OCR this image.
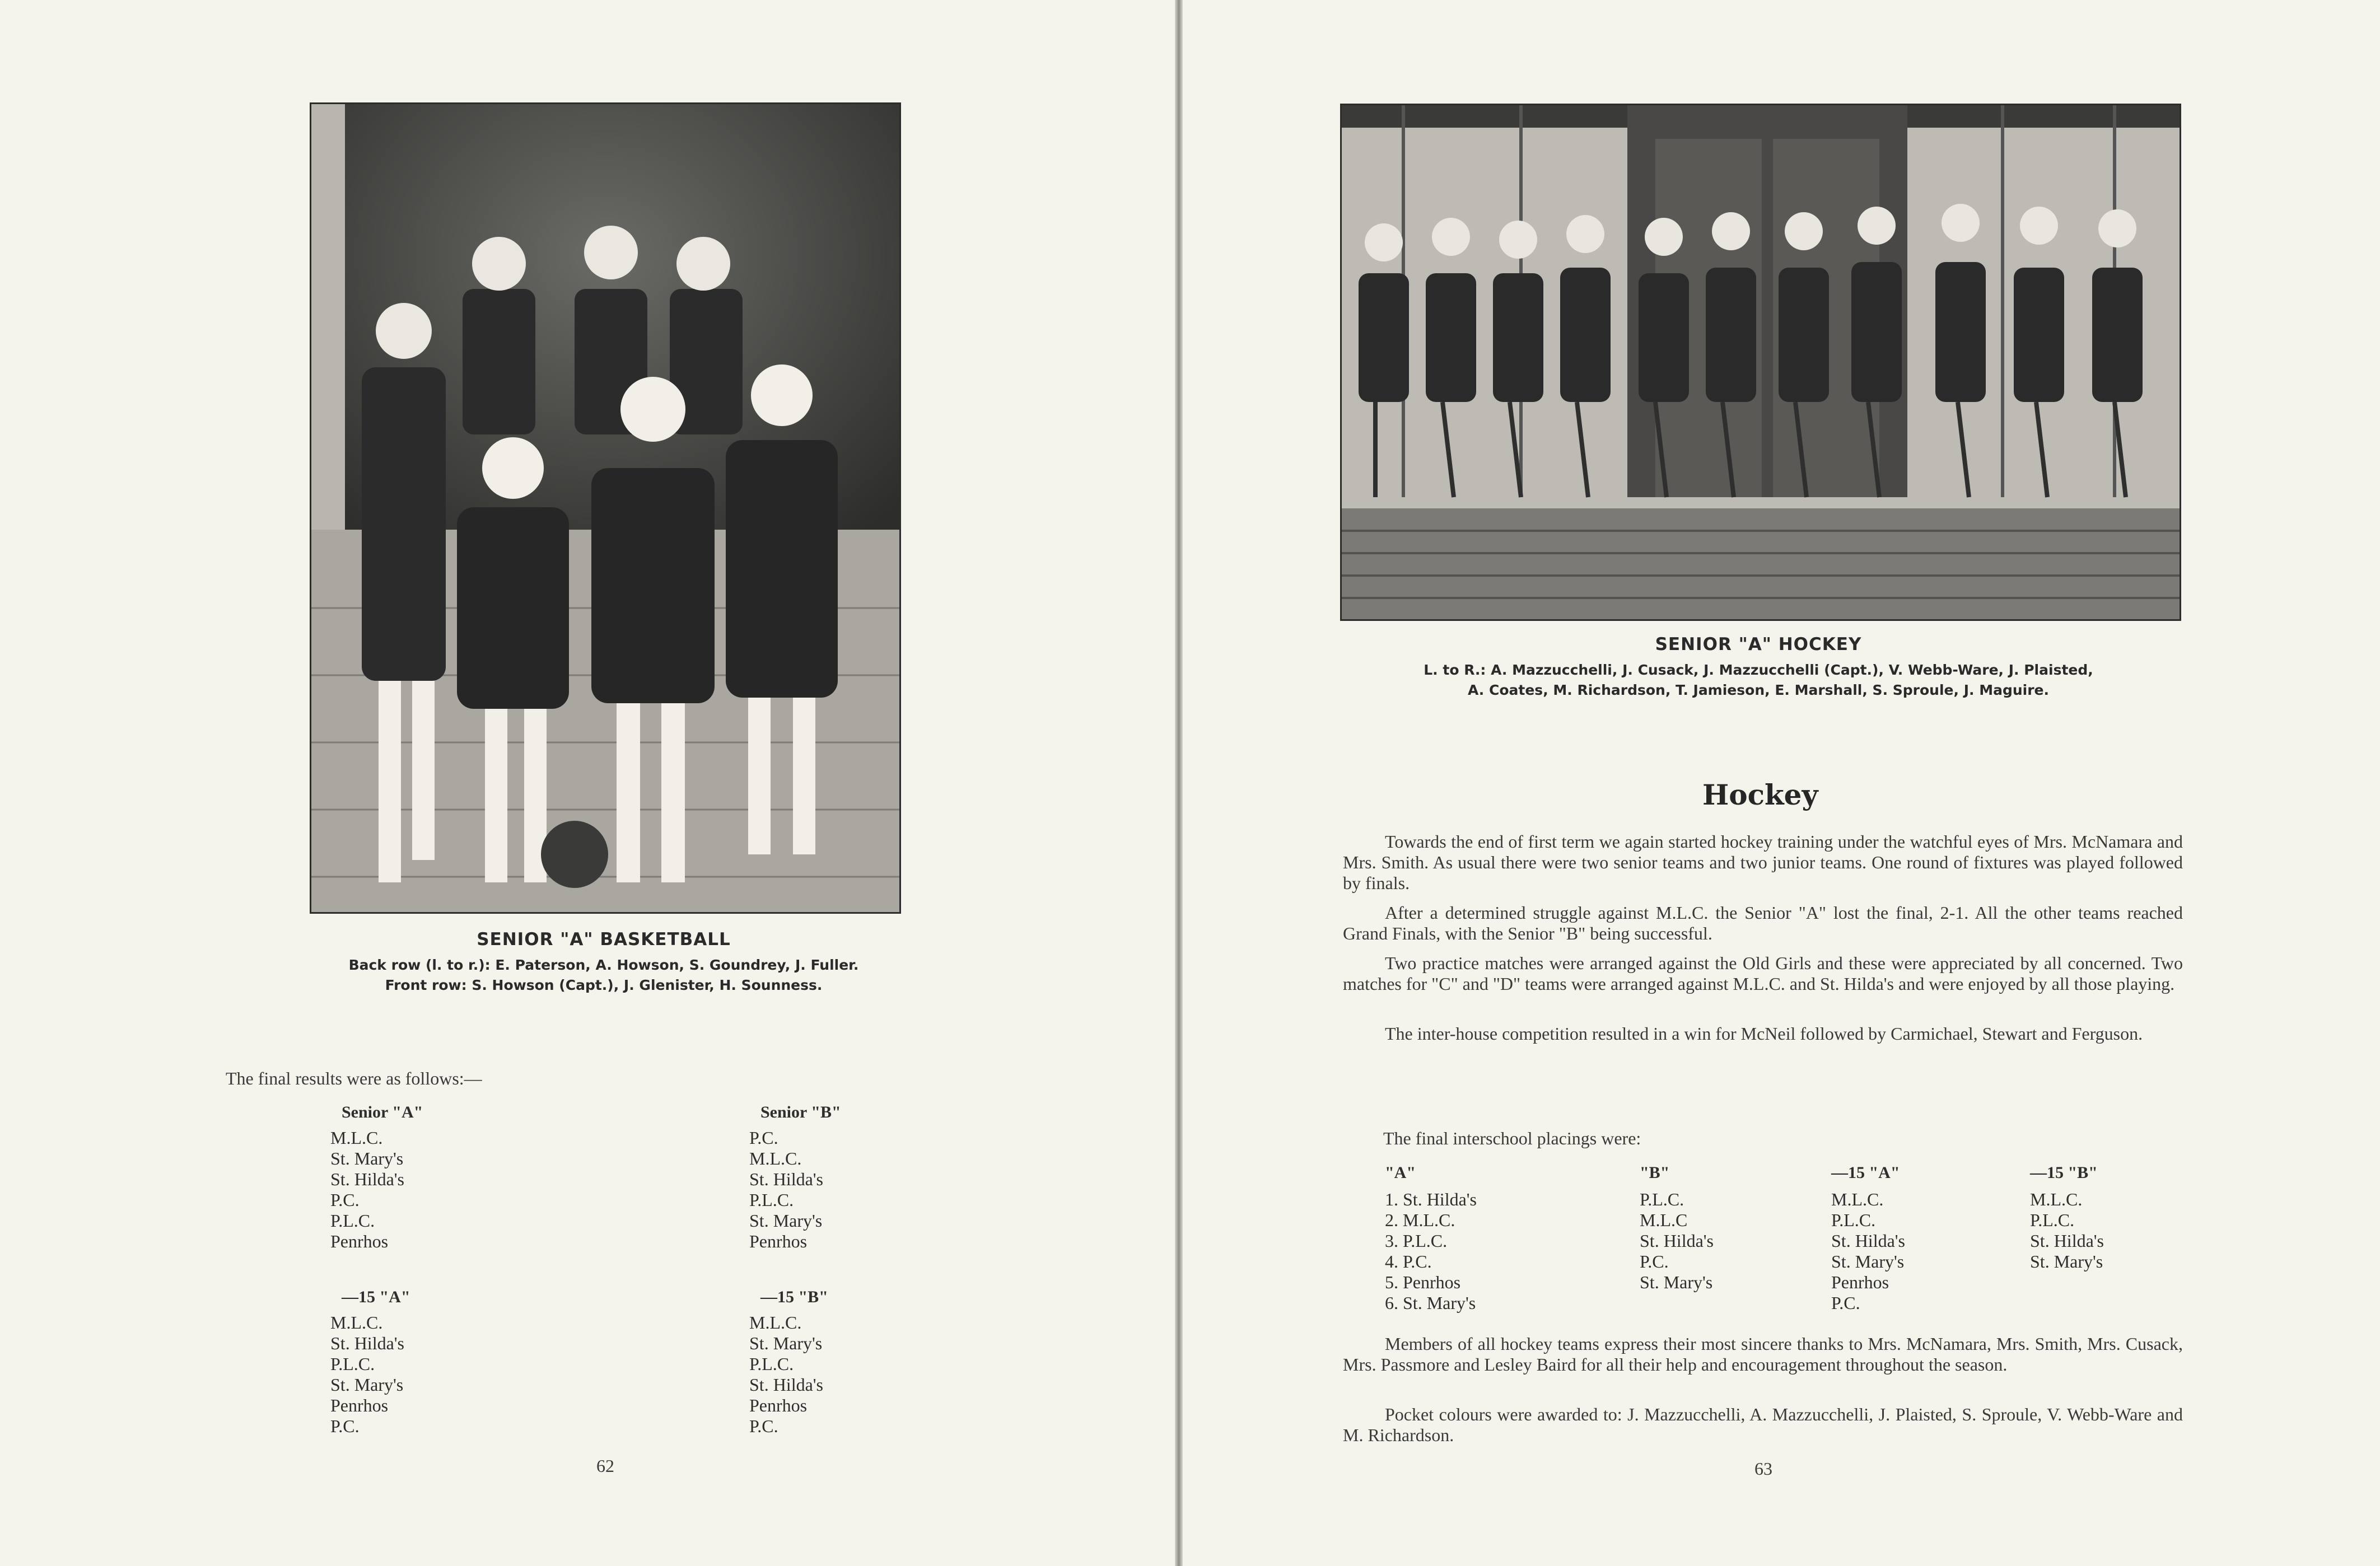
SENIOR "A" BASKETBALL
Back row (l. to r.): E. Paterson, A. Howson, S. Goundrey, J. Fuller.
Front row: S. Howson (Capt.), J. Glenister, H. Sounness.
The final results were as follows:—
Senior "A"
M.L.C.
St. Mary's
St. Hilda's
P.C.
P.L.C.
Penrhos
Senior "B"
P.C.
M.L.C.
St. Hilda's
P.L.C.
St. Mary's
Penrhos
—15 "A"
M.L.C.
St. Hilda's
P.L.C.
St. Mary's
Penrhos
P.C.
—15 "B"
M.L.C.
St. Mary's
P.L.C.
St. Hilda's
Penrhos
P.C.
62
SENIOR "A" HOCKEY
L. to R.: A. Mazzucchelli, J. Cusack, J. Mazzucchelli (Capt.), V. Webb-Ware, J. Plaisted,
A. Coates, M. Richardson, T. Jamieson, E. Marshall, S. Sproule, J. Maguire.
Hockey
Towards the end of first term we again started hockey training under the watchful eyes of Mrs. McNamara and Mrs. Smith. As usual there were two senior teams and two junior teams. One round of fixtures was played followed by finals.
After a determined struggle against M.L.C. the Senior "A" lost the final, 2-1. All the other teams reached Grand Finals, with the Senior "B" being successful.
Two practice matches were arranged against the Old Girls and these were appreciated by all concerned. Two matches for "C" and "D" teams were arranged against M.L.C. and St. Hilda's and were enjoyed by all those playing.
The inter-house competition resulted in a win for McNeil followed by Carmichael, Stewart and Ferguson.
The final interschool placings were:
"A"
1. St. Hilda's
2. M.L.C.
3. P.L.C.
4. P.C.
5. Penrhos
6. St. Mary's
"B"
P.L.C.
M.L.C
St. Hilda's
P.C.
St. Mary's
—15 "A"
M.L.C.
P.L.C.
St. Hilda's
St. Mary's
Penrhos
P.C.
—15 "B"
M.L.C.
P.L.C.
St. Hilda's
St. Mary's
Members of all hockey teams express their most sincere thanks to Mrs. McNamara, Mrs. Smith, Mrs. Cusack, Mrs. Passmore and Lesley Baird for all their help and encouragement throughout the season.
Pocket colours were awarded to: J. Mazzucchelli, A. Mazzucchelli, J. Plaisted, S. Sproule, V. Webb-Ware and M. Richardson.
63
